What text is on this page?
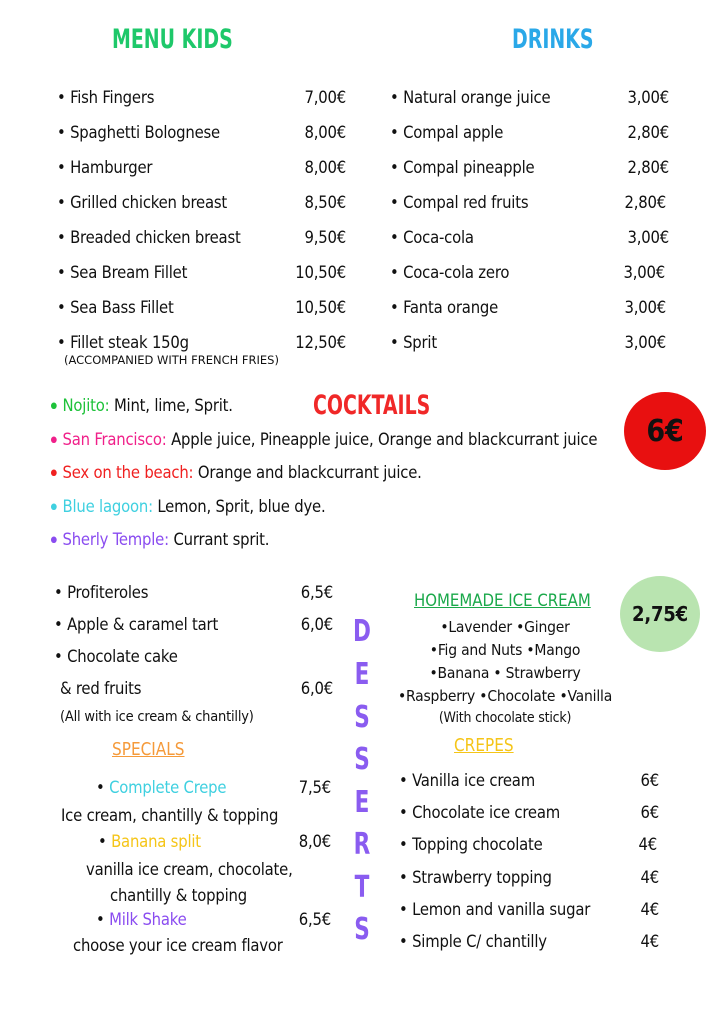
MENU KIDS
• Fish Fingers	7,00€
• Spaghetti Bolognese	8,00€
• Hamburger	8,00€
• Grilled chicken breast	8,50€
• Breaded chicken breast	9,50€
• Sea Bream Fillet	10,50€
• Sea Bass Fillet	10,50€
• Fillet steak 150g	12,50€
(ACCOMPANIED WITH FRENCH FRIES)
DRINKS
• Natural orange juice	3,00€
• Compal apple	2,80€
• Compal pineapple	2,80€
• Compal red fruits	2,80€
• Coca-cola	3,00€
• Coca-cola zero	3,00€
• Fanta orange	3,00€
• Sprit	3,00€
COCKTAILS
6€
• Nojito: Mint, lime, Sprit.
• San Francisco: Apple juice, Pineapple juice, Orange and blackcurrant juice
• Sex on the beach: Orange and blackcurrant juice.
• Blue lagoon: Lemon, Sprit, blue dye.
• Sherly Temple: Currant sprit.
• Profiteroles	6,5€
• Apple & caramel tart	6,0€
• Chocolate cake
& red fruits	6,0€
(All with ice cream & chantilly)
D
E
S
S
E
R
T
S
SPECIALS
• Complete Crepe	7,5€
Ice cream, chantilly & topping
• Banana split	8,0€
vanilla ice cream, chocolate,
chantilly & topping
• Milk Shake	6,5€
choose your ice cream flavor
HOMEMADE ICE CREAM
2,75€
•Lavender •Ginger
•Fig and Nuts •Mango
•Banana • Strawberry
•Raspberry •Chocolate •Vanilla
(With chocolate stick)
CREPES
• Vanilla ice cream	6€
• Chocolate ice cream	6€
• Topping chocolate	4€
• Strawberry topping	4€
• Lemon and vanilla sugar	4€
• Simple C/ chantilly	4€
